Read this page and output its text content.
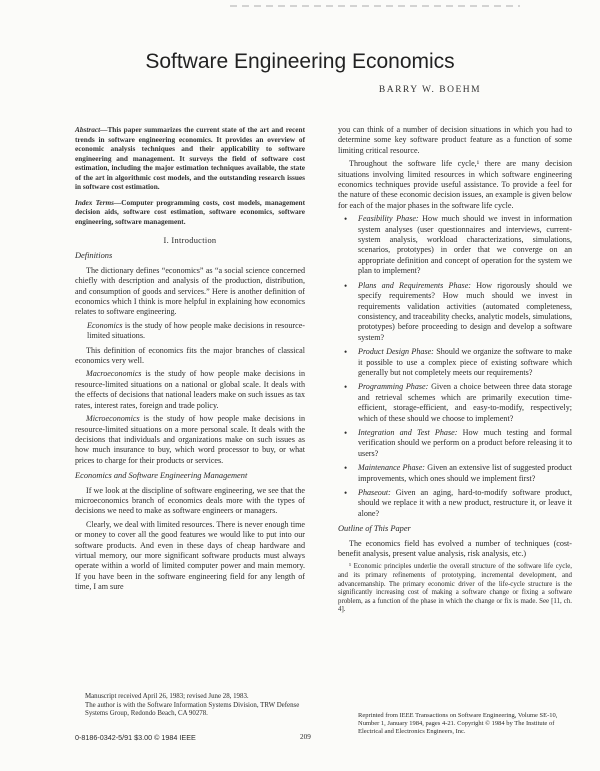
Software Engineering Economics
BARRY W. BOEHM

Abstract—This paper summarizes the current state of the art and recent trends in software engineering economics. It provides an overview of economic analysis techniques and their applicability to software engineering and management. It surveys the field of software cost estimation, including the major estimation techniques available, the state of the art in algorithmic cost models, and the outstanding research issues in software cost estimation.

Index Terms—Computer programming costs, cost models, management decision aids, software cost estimation, software economics, software engineering, software management.

I. Introduction
Definitions

The dictionary defines “economics” as “a social science concerned chiefly with description and analysis of the production, distribution, and consumption of goods and services.” Here is another definition of economics which I think is more helpful in explaining how economics relates to software engineering.

Economics is the study of how people make decisions in resource-limited situations.

This definition of economics fits the major branches of classical economics very well.

Macroeconomics is the study of how people make decisions in resource-limited situations on a national or global scale. It deals with the effects of decisions that national leaders make on such issues as tax rates, interest rates, foreign and trade policy.

Microeconomics is the study of how people make decisions in resource-limited situations on a more personal scale. It deals with the decisions that individuals and organizations make on such issues as how much insurance to buy, which word processor to buy, or what prices to charge for their products or services.

Economics and Software Engineering Management

If we look at the discipline of software engineering, we see that the microeconomics branch of economics deals more with the types of decisions we need to make as software engineers or managers.

Clearly, we deal with limited resources. There is never enough time or money to cover all the good features we would like to put into our software products. And even in these days of cheap hardware and virtual memory, our more significant software products must always operate within a world of limited computer power and main memory. If you have been in the software engineering field for any length of time, I am sure

you can think of a number of decision situations in which you had to determine some key software product feature as a function of some limiting critical resource.

Throughout the software life cycle,¹ there are many decision situations involving limited resources in which software engineering economics techniques provide useful assistance. To provide a feel for the nature of these economic decision issues, an example is given below for each of the major phases in the software life cycle.

• Feasibility Phase: How much should we invest in information system analyses (user questionnaires and interviews, current-system analysis, workload characterizations, simulations, scenarios, prototypes) in order that we converge on an appropriate definition and concept of operation for the system we plan to implement?
• Plans and Requirements Phase: How rigorously should we specify requirements? How much should we invest in requirements validation activities (automated completeness, consistency, and traceability checks, analytic models, simulations, prototypes) before proceeding to design and develop a software system?
• Product Design Phase: Should we organize the software to make it possible to use a complex piece of existing software which generally but not completely meets our requirements?
• Programming Phase: Given a choice between three data storage and retrieval schemes which are primarily execution time-efficient, storage-efficient, and easy-to-modify, respectively; which of these should we choose to implement?
• Integration and Test Phase: How much testing and formal verification should we perform on a product before releasing it to users?
• Maintenance Phase: Given an extensive list of suggested product improvements, which ones should we implement first?
• Phaseout: Given an aging, hard-to-modify software product, should we replace it with a new product, restructure it, or leave it alone?
Outline of This Paper

The economics field has evolved a number of techniques (cost-benefit analysis, present value analysis, risk analysis, etc.)

¹ Economic principles underlie the overall structure of the software life cycle, and its primary refinements of prototyping, incremental development, and advancemanship. The primary economic driver of the life-cycle structure is the significantly increasing cost of making a software change or fixing a software problem, as a function of the phase in which the change or fix is made. See [11, ch. 4].

Manuscript received April 26, 1983; revised June 28, 1983.

The author is with the Software Information Systems Division, TRW Defense Systems Group, Redondo Beach, CA 90278.	Reprinted from IEEE Transactions on Software Engineering, Volume SE-10, Number 1, January 1984, pages 4-21. Copyright © 1984 by The Institute of Electrical and Electronics Engineers, Inc.
0-8186-0342-5/91 $3.00 © 1984 IEEE	209
